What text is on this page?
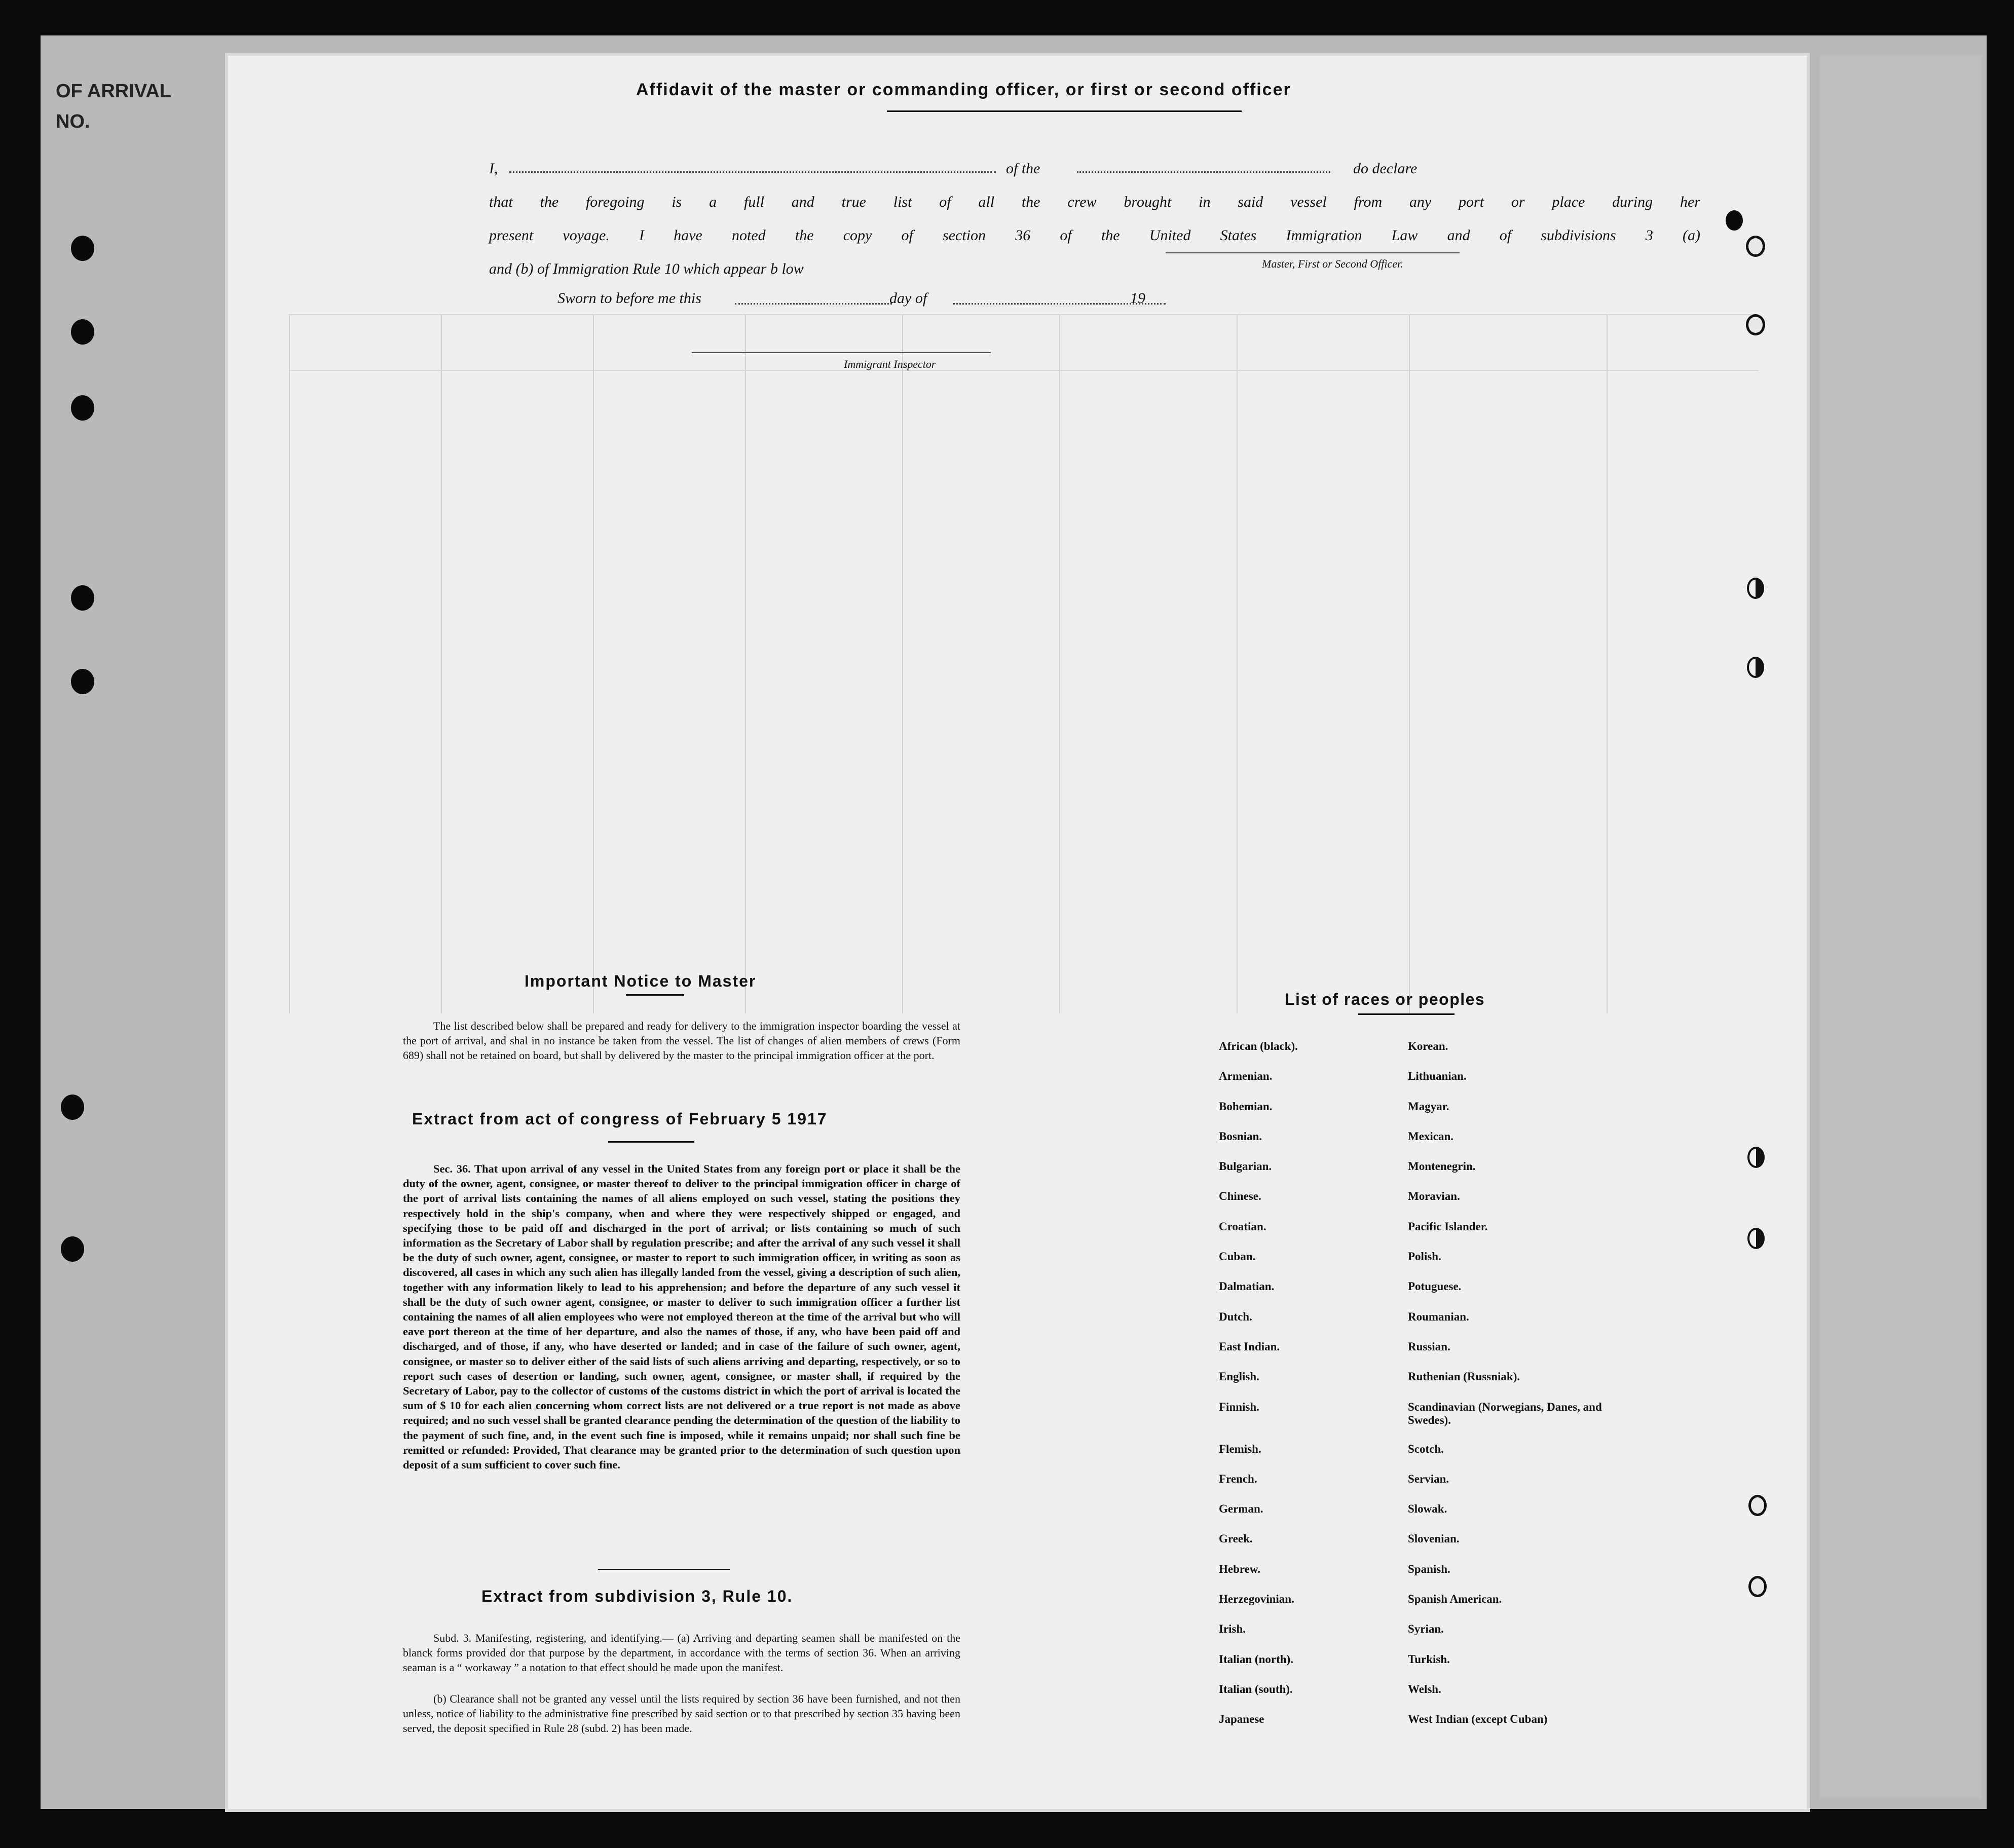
OF ARRIVAL
NO.
Affidavit of the master or commanding officer, or first or second officer
I,	of the	do declare
that the foregoing is a full and true list of all the crew brought in said vessel from any port or place during her
present voyage. I have noted the copy of section 36 of the United States Immigration Law and of subdivisions 3 (a)
and (b) of Immigration Rule 10 which appear b low	Master, First or Second Officer.
Sworn to before me this	day of	19
Immigrant Inspector
Important Notice to Master
The list described below shall be prepared and ready for delivery to the immigration inspector boarding the vessel at the port of arrival, and shal in no instance be taken from the vessel. The list of changes of alien members of crews (Form 689) shall not be retained on board, but shall by delivered by the master to the principal immigration officer at the port.
Extract from act of congress of February 5 1917
Sec. 36. That upon arrival of any vessel in the United States from any foreign port or place it shall be the duty of the owner, agent, consignee, or master thereof to deliver to the principal immigration officer in charge of the port of arrival lists containing the names of all aliens employed on such vessel, stating the positions they respectively hold in the ship's company, when and where they were respectively shipped or engaged, and specifying those to be paid off and discharged in the port of arrival; or lists containing so much of such information as the Secretary of Labor shall by regulation prescribe; and after the arrival of any such vessel it shall be the duty of such owner, agent, consignee, or master to report to such immigration officer, in writing as soon as discovered, all cases in which any such alien has illegally landed from the vessel, giving a description of such alien, together with any information likely to lead to his apprehension; and before the departure of any such vessel it shall be the duty of such owner agent, consignee, or master to deliver to such immigration officer a further list containing the names of all alien employees who were not employed thereon at the time of the arrival but who will eave port thereon at the time of her departure, and also the names of those, if any, who have been paid off and discharged, and of those, if any, who have deserted or landed; and in case of the failure of such owner, agent, consignee, or master so to deliver either of the said lists of such aliens arriving and departing, respectively, or so to report such cases of desertion or landing, such owner, agent, consignee, or master shall, if required by the Secretary of Labor, pay to the collector of customs of the customs district in which the port of arrival is located the sum of $ 10 for each alien concerning whom correct lists are not delivered or a true report is not made as above required; and no such vessel shall be granted clearance pending the determination of the question of the liability to the payment of such fine, and, in the event such fine is imposed, while it remains unpaid; nor shall such fine be remitted or refunded: Provided, That clearance may be granted prior to the determination of such question upon deposit of a sum sufficient to cover such fine.
Extract from subdivision 3, Rule 10.
Subd. 3. Manifesting, registering, and identifying.— (a) Arriving and departing seamen shall be manifested on the blanck forms provided dor that purpose by the department, in accordance with the terms of section 36. When an arriving seaman is a “ workaway ” a notation to that effect should be made upon the manifest.
(b) Clearance shall not be granted any vessel until the lists required by section 36 have been furnished, and not then unless, notice of liability to the administrative fine prescribed by said section or to that prescribed by section 35 having been served, the deposit specified in Rule 28 (subd. 2) has been made.
List of races or peoples
African (black).
Armenian.
Bohemian.
Bosnian.
Bulgarian.
Chinese.
Croatian.
Cuban.
Dalmatian.
Dutch.
East Indian.
English.
Finnish.
Flemish.
French.
German.
Greek.
Hebrew.
Herzegovinian.
Irish.
Italian (north).
Italian (south).
Japanese
Korean.
Lithuanian.
Magyar.
Mexican.
Montenegrin.
Moravian.
Pacific Islander.
Polish.
Potuguese.
Roumanian.
Russian.
Ruthenian (Russniak).
Scandinavian (Norwegians, Danes, and Swedes).
Scotch.
Servian.
Slowak.
Slovenian.
Spanish.
Spanish American.
Syrian.
Turkish.
Welsh.
West Indian (except Cuban)
